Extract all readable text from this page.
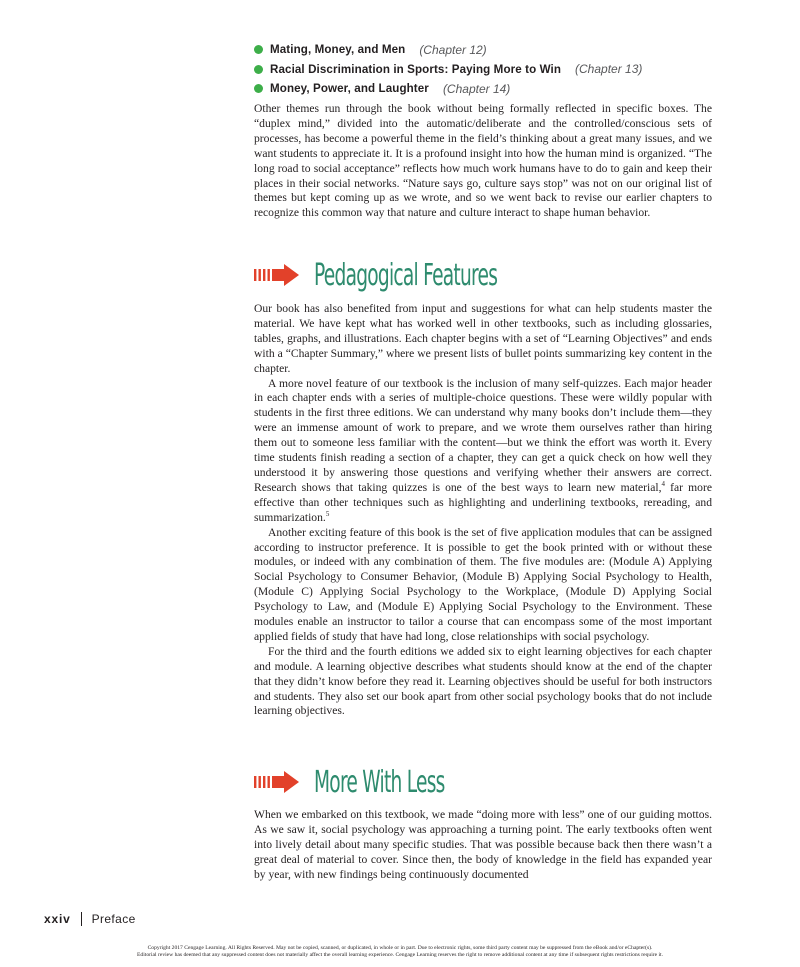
Mating, Money, and Men (Chapter 12)
Racial Discrimination in Sports: Paying More to Win (Chapter 13)
Money, Power, and Laughter (Chapter 14)

Other themes run through the book without being formally reflected in specific boxes. The “duplex mind,” divided into the automatic/deliberate and the controlled/conscious sets of processes, has become a powerful theme in the field’s thinking about a great many issues, and we want students to appreciate it. It is a profound insight into how the human mind is organized. “The long road to social acceptance” reflects how much work humans have to do to gain and keep their places in their social networks. “Nature says go, culture says stop” was not on our original list of themes but kept coming up as we wrote, and so we went back to revise our earlier chapters to recognize this common way that nature and culture interact to shape human behavior.

Pedagogical Features

Our book has also benefited from input and suggestions for what can help students master the material. We have kept what has worked well in other textbooks, such as including glossaries, tables, graphs, and illustrations. Each chapter begins with a set of “Learning Objectives” and ends with a “Chapter Summary,” where we present lists of bullet points summarizing key content in the chapter.

A more novel feature of our textbook is the inclusion of many self-quizzes. Each major header in each chapter ends with a series of multiple-choice questions. These were wildly popular with students in the first three editions. We can understand why many books don’t include them—they were an immense amount of work to prepare, and we wrote them ourselves rather than hiring them out to someone less familiar with the content—but we think the effort was worth it. Every time students finish reading a section of a chapter, they can get a quick check on how well they understood it by answering those questions and verifying whether their answers are correct. Research shows that taking quizzes is one of the best ways to learn new material,$^4$ far more effective than other techniques such as highlighting and underlining textbooks, rereading, and summarization.$^5$

Another exciting feature of this book is the set of five application modules that can be assigned according to instructor preference. It is possible to get the book printed with or without these modules, or indeed with any combination of them. The five modules are: (Module A) Applying Social Psychology to Consumer Behavior, (Module B) Applying Social Psychology to Health, (Module C) Applying Social Psychology to the Workplace, (Module D) Applying Social Psychology to Law, and (Module E) Applying Social Psychology to the Environment. These modules enable an instructor to tailor a course that can encompass some of the most important applied fields of study that have had long, close relationships with social psychology.

For the third and the fourth editions we added six to eight learning objectives for each chapter and module. A learning objective describes what students should know at the end of the chapter that they didn’t know before they read it. Learning objectives should be useful for both instructors and students. They also set our book apart from other social psychology books that do not include learning objectives.

More With Less

When we embarked on this textbook, we made “doing more with less” one of our guiding mottos. As we saw it, social psychology was approaching a turning point. The early textbooks often went into lively detail about many specific studies. That was possible because back then there wasn’t a great deal of material to cover. Since then, the body of knowledge in the field has expanded year by year, with new findings being continuously documented

xxiv Preface
Copyright 2017 Cengage Learning. All Rights Reserved. May not be copied, scanned, or duplicated, in whole or in part. Due to electronic rights, some third party content may be suppressed from the eBook and/or eChapter(s).
Editorial review has deemed that any suppressed content does not materially affect the overall learning experience. Cengage Learning reserves the right to remove additional content at any time if subsequent rights restrictions require it.
